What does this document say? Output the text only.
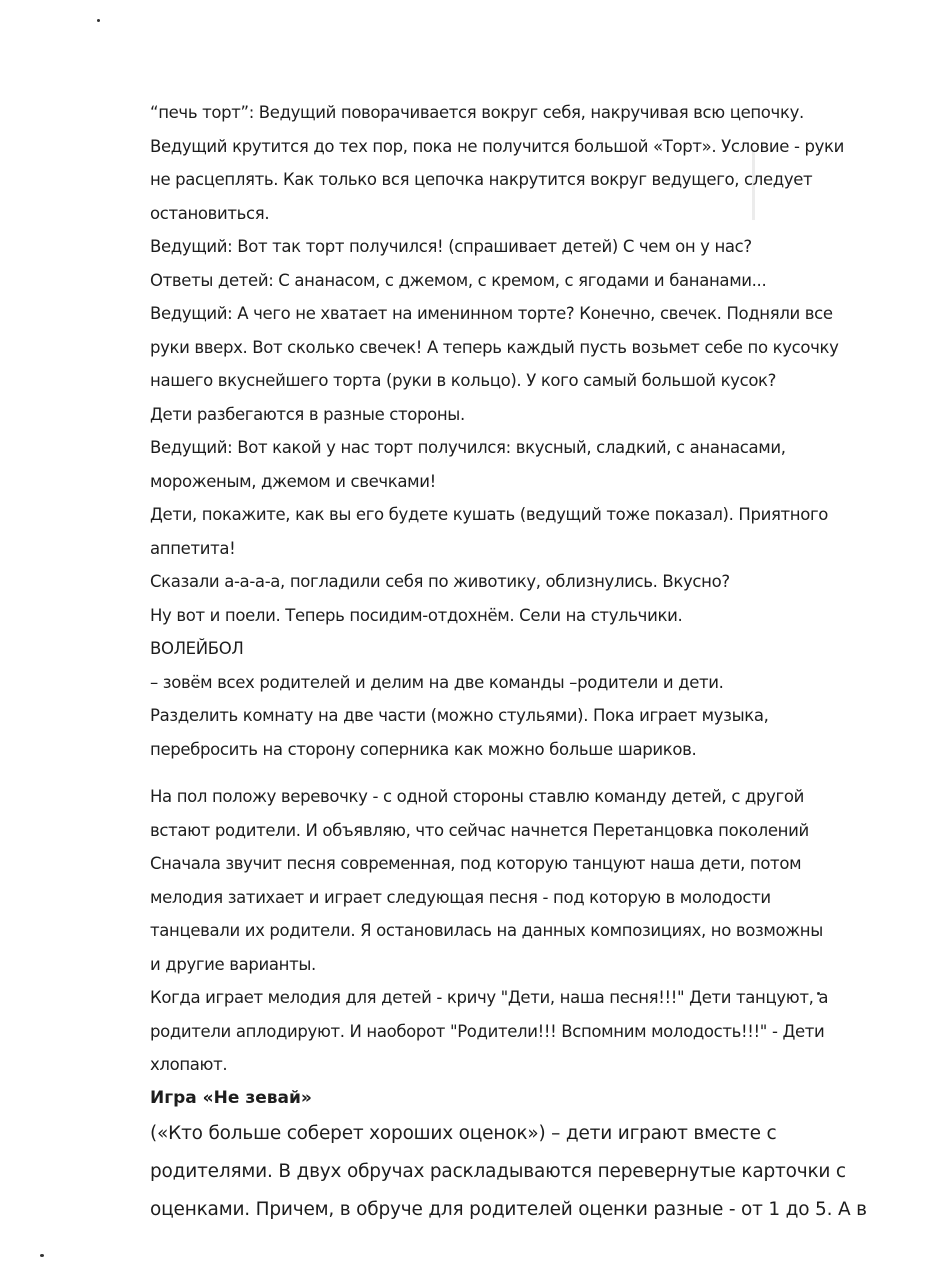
“печь торт”: Ведущий поворачивается вокруг себя, накручивая всю цепочку.
Ведущий крутится до тех пор, пока не получится большой «Торт». Условие - руки
не расцеплять. Как только вся цепочка накрутится вокруг ведущего, следует
остановиться.
Ведущий: Вот так торт получился! (спрашивает детей) С чем он у нас?
Ответы детей: С ананасом, с джемом, с кремом, с ягодами и бананами...
Ведущий: А чего не хватает на именинном торте? Конечно, свечек. Подняли все
руки вверх. Вот сколько свечек! А теперь каждый пусть возьмет себе по кусочку
нашего вкуснейшего торта (руки в кольцо). У кого самый большой кусок?
Дети разбегаются в разные стороны.
Ведущий: Вот какой у нас торт получился: вкусный, сладкий, с ананасами,
мороженым, джемом и свечками!
Дети, покажите, как вы его будете кушать (ведущий тоже показал). Приятного
аппетита!
Сказали а-а-а-а, погладили себя по животику, облизнулись. Вкусно?
Ну вот и поели. Теперь посидим-отдохнём. Сели на стульчики.
ВОЛЕЙБОЛ
– зовём всех родителей и делим на две команды –родители и дети.
Разделить комнату на две части (можно стульями). Пока играет музыка,
перебросить на сторону соперника как можно больше шариков.
На пол положу веревочку - с одной стороны ставлю команду детей, с другой
встают родители. И объявляю, что сейчас начнется Перетанцовка поколений
Сначала звучит песня современная, под которую танцуют наша дети, потом
мелодия затихает и играет следующая песня - под которую в молодости
танцевали их родители. Я остановилась на данных композициях, но возможны
и другие варианты.
Когда играет мелодия для детей - кричу "Дети, наша песня!!!" Дети танцуют, а
родители аплодируют. И наоборот "Родители!!! Вспомним молодость!!!" - Дети
хлопают.
Игра «Не зевай»
(«Кто больше соберет хороших оценок») – дети играют вместе с
родителями. В двух обручах раскладываются перевернутые карточки с
оценками. Причем, в обруче для родителей оценки разные - от 1 до 5. А в
